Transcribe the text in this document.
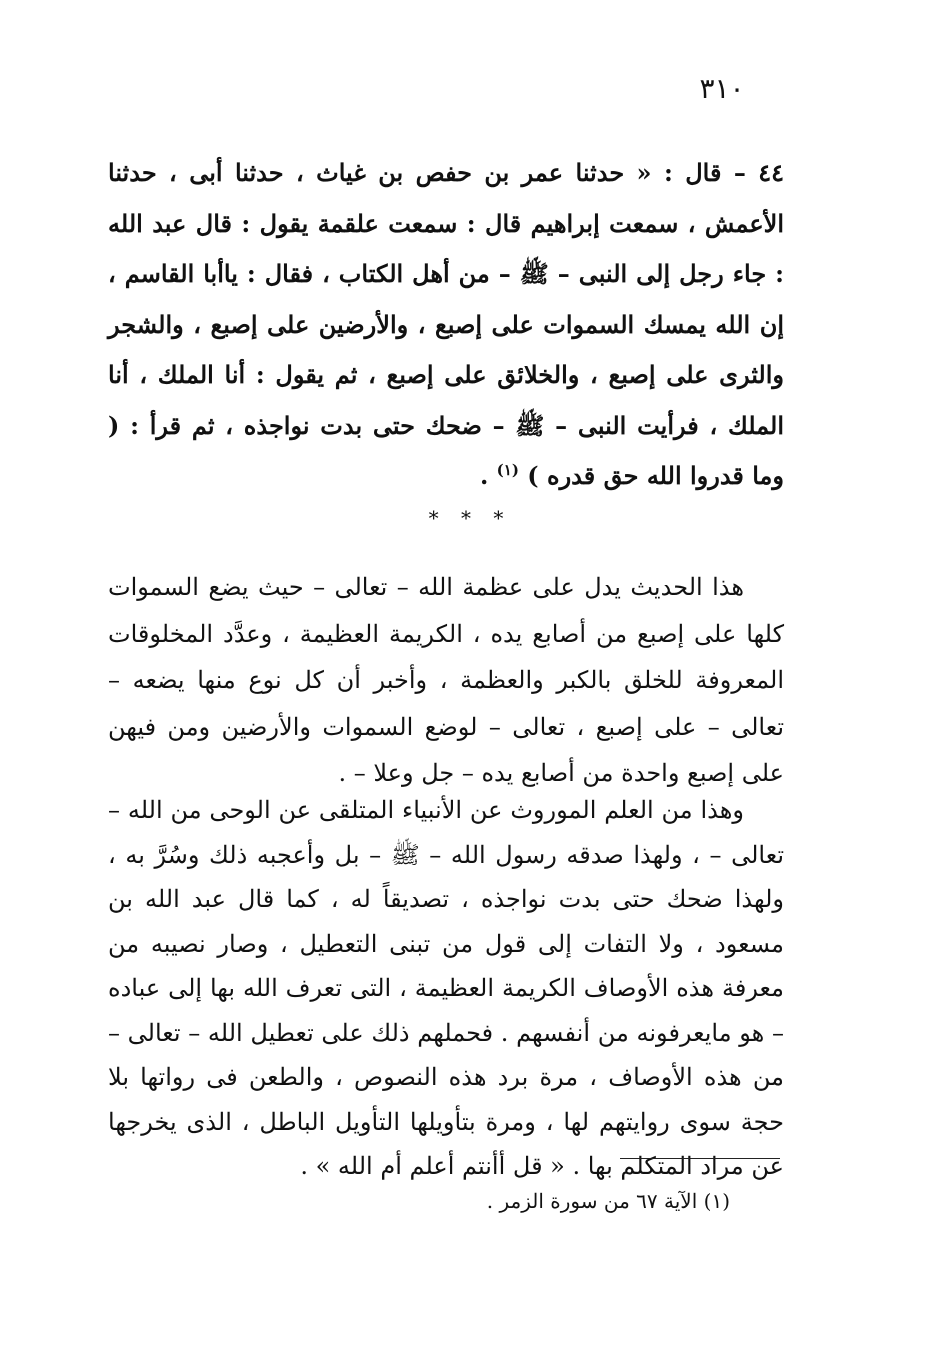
٣١٠
٤٤ – قال : « حدثنا عمر بن حفص بن غياث ، حدثنا أبى ، حدثنا الأعمش ، سمعت إبراهيم قال : سمعت علقمة يقول : قال عبد الله : جاء رجل إلى النبى – ﷺ – من أهل الكتاب ، فقال : ياأبا القاسم ، إن الله يمسك السموات على إصبع ، والأرضين على إصبع ، والشجر والثرى على إصبع ، والخلائق على إصبع ، ثم يقول : أنا الملك ، أنا الملك ، فرأيت النبى – ﷺ – ضحك حتى بدت نواجذه ، ثم قرأ : ( وما قدروا الله حق قدره ) $^{(١)}$ .
* * *
هذا الحديث يدل على عظمة الله – تعالى – حيث يضع السموات كلها على إصبع من أصابع يده ، الكريمة العظيمة ، وعدَّد المخلوقات المعروفة للخلق بالكبر والعظمة ، وأخبر أن كل نوع منها يضعه – تعالى – على إصبع ، تعالى – لوضع السموات والأرضين ومن فيهن على إصبع واحدة من أصابع يده – جل وعلا – .
وهذا من العلم الموروث عن الأنبياء المتلقى عن الوحى من الله – تعالى – ، ولهذا صدقه رسول الله – ﷺ – بل وأعجبه ذلك وسُرَّ به ، ولهذا ضحك حتى بدت نواجذه ، تصديقاً له ، كما قال عبد الله بن مسعود ، ولا التفات إلى قول من تبنى التعطيل ، وصار نصيبه من معرفة هذه الأوصاف الكريمة العظيمة ، التى تعرف الله بها إلى عباده – هو مايعرفونه من أنفسهم . فحملهم ذلك على تعطيل الله – تعالى – من هذه الأوصاف ، مرة برد هذه النصوص ، والطعن فى رواتها بلا حجة سوى روايتهم لها ، ومرة بتأويلها التأويل الباطل ، الذى يخرجها عن مراد المتكلم بها . « قل أأنتم أعلم أم الله » .
(١) الآية ٦٧ من سورة الزمر .
